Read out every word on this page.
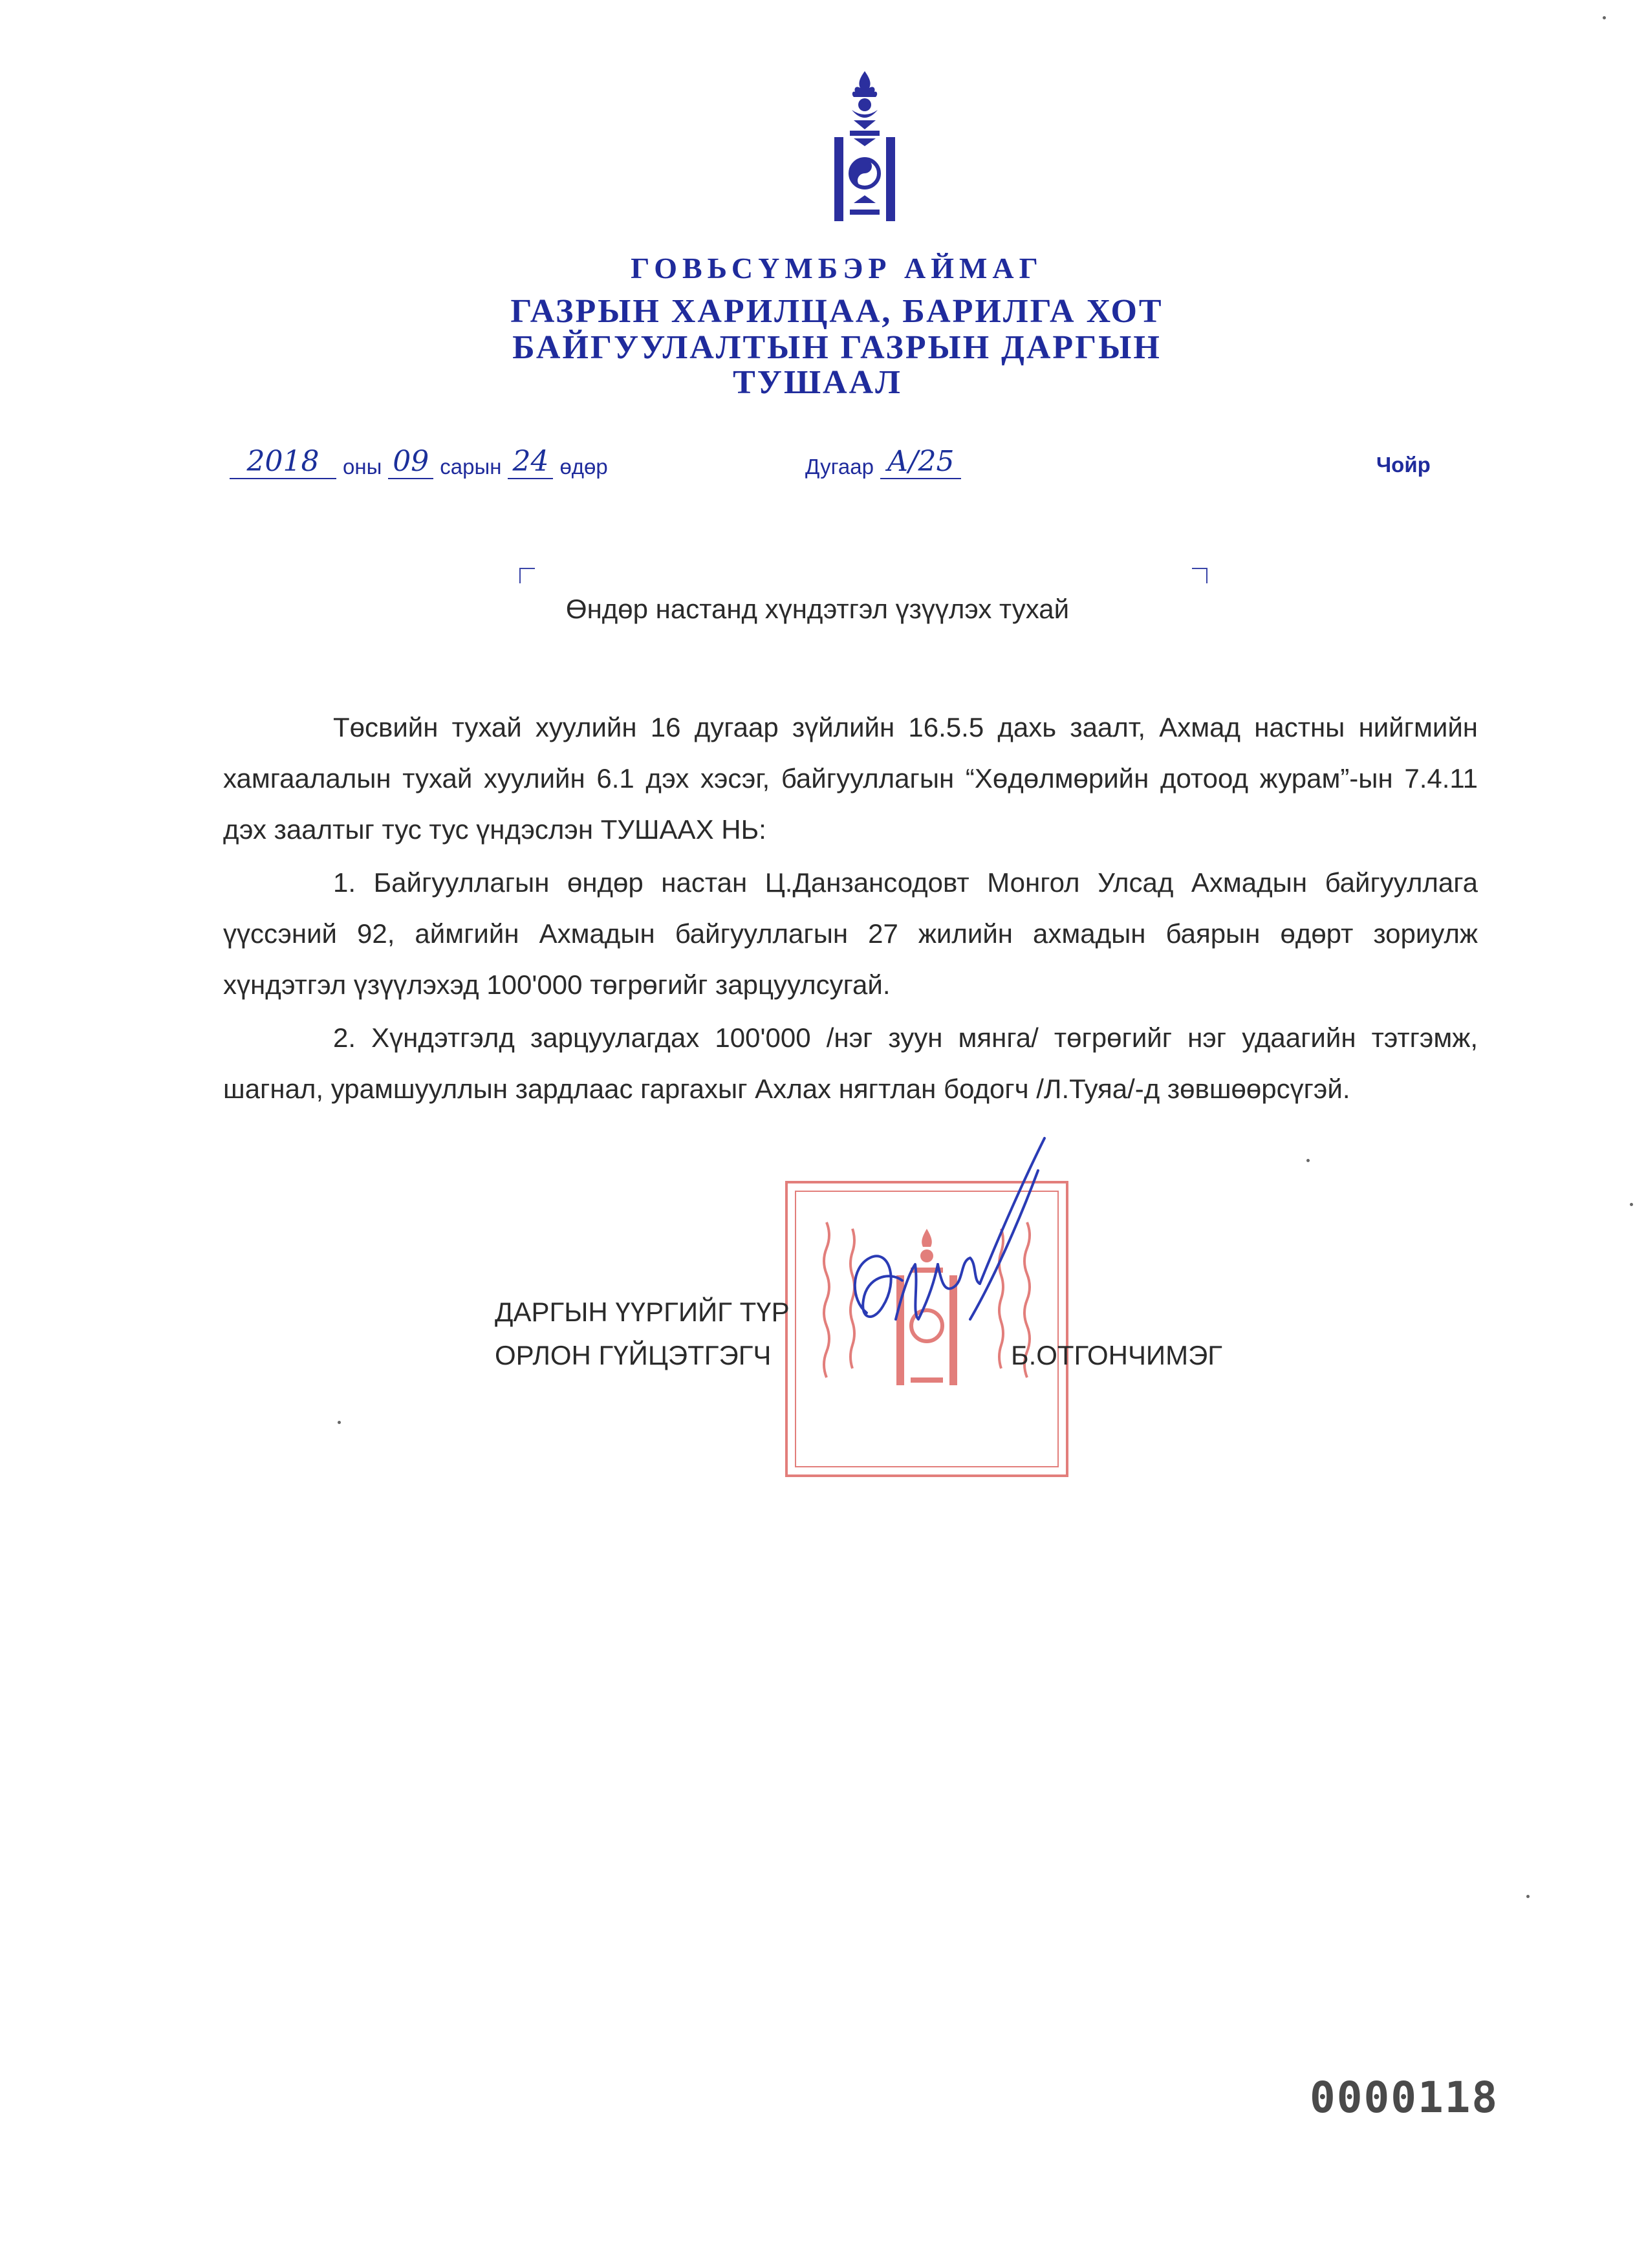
ГОВЬСҮМБЭР АЙМАГ
ГАЗРЫН ХАРИЛЦАА, БАРИЛГА ХОТ
БАЙГУУЛАЛТЫН ГАЗРЫН ДАРГЫН
ТУШААЛ
2018	оны 09 сарын 24 өдөр	Дугаар А/25	Чойр
Өндөр настанд хүндэтгэл үзүүлэх тухай
Төсвийн тухай хуулийн 16 дугаар зүйлийн 16.5.5 дахь заалт, Ахмад настны нийгмийн хамгаалалын тухай хуулийн 6.1 дэх хэсэг, байгууллагын “Хөдөлмөрийн дотоод журам”-ын 7.4.11 дэх заалтыг тус тус үндэслэн ТУШААХ НЬ:
1. Байгууллагын өндөр настан Ц.Данзансодовт Монгол Улсад Ахмадын байгууллага үүссэний 92, аймгийн Ахмадын байгууллагын 27 жилийн ахмадын баярын өдөрт зориулж хүндэтгэл үзүүлэхэд 100'000 төгрөгийг зарцуулсугай.
2. Хүндэтгэлд зарцуулагдах 100'000 /нэг зуун мянга/ төгрөгийг нэг удаагийн тэтгэмж, шагнал, урамшууллын зардлаас гаргахыг Ахлах нягтлан бодогч /Л.Туяа/-д зөвшөөрсүгэй.
ДАРГЫН ҮҮРГИЙГ ТҮР
ОРЛОН ГҮЙЦЭТГЭГЧ	Б.ОТГОНЧИМЭГ
0000118
